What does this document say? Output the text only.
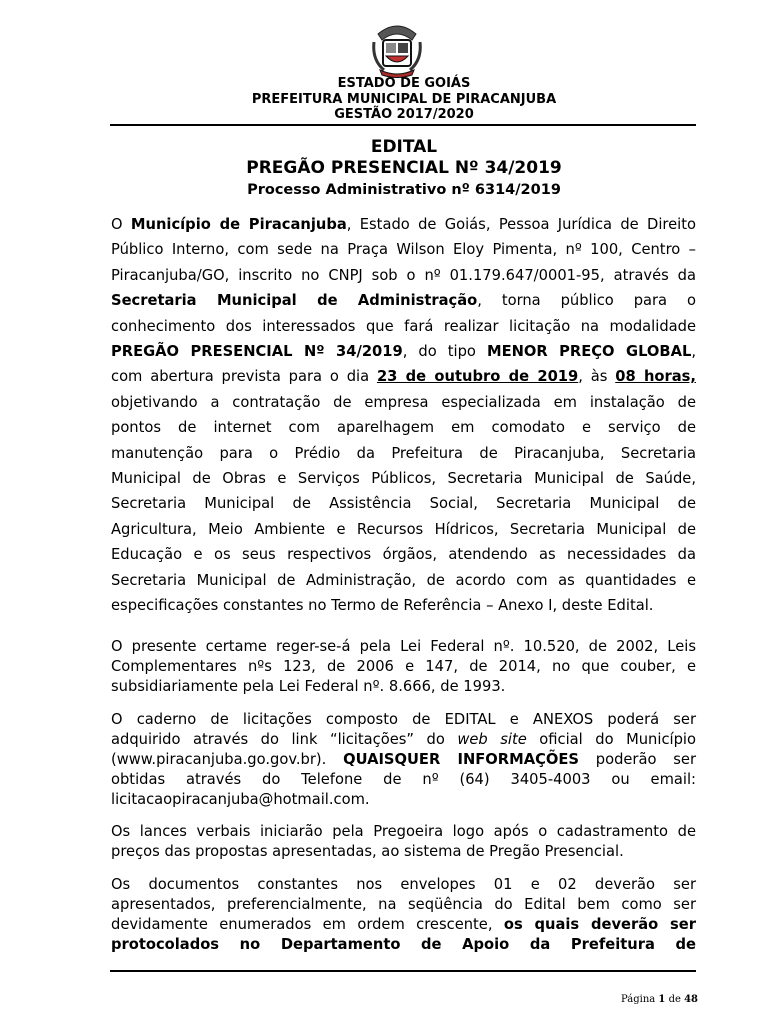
ESTADO DE GOIÁS
PREFEITURA MUNICIPAL DE PIRACANJUBA
GESTÃO 2017/2020
EDITAL
PREGÃO PRESENCIAL Nº 34/2019
Processo Administrativo nº 6314/2019
O Município de Piracanjuba, Estado de Goiás, Pessoa Jurídica de Direito
Público Interno, com sede na Praça Wilson Eloy Pimenta, nº 100, Centro –
Piracanjuba/GO, inscrito no CNPJ sob o nº 01.179.647/0001-95, através da
Secretaria Municipal de Administração, torna público para o
conhecimento dos interessados que fará realizar licitação na modalidade
PREGÃO PRESENCIAL Nº 34/2019, do tipo MENOR PREÇO GLOBAL,
com abertura prevista para o dia 23 de outubro de 2019, às 08 horas,
objetivando a contratação de empresa especializada em instalação de
pontos de internet com aparelhagem em comodato e serviço de
manutenção para o Prédio da Prefeitura de Piracanjuba, Secretaria
Municipal de Obras e Serviços Públicos, Secretaria Municipal de Saúde,
Secretaria Municipal de Assistência Social, Secretaria Municipal de
Agricultura, Meio Ambiente e Recursos Hídricos, Secretaria Municipal de
Educação e os seus respectivos órgãos, atendendo as necessidades da
Secretaria Municipal de Administração, de acordo com as quantidades e
especificações constantes no Termo de Referência – Anexo I, deste Edital.
O presente certame reger-se-á pela Lei Federal nº. 10.520, de 2002, Leis
Complementares nºs 123, de 2006 e 147, de 2014, no que couber, e
subsidiariamente pela Lei Federal nº. 8.666, de 1993.
O caderno de licitações composto de EDITAL e ANEXOS poderá ser
adquirido através do link “licitações” do web site oficial do Município
(www.piracanjuba.go.gov.br). QUAISQUER INFORMAÇÕES poderão ser
obtidas através do Telefone de nº (64) 3405-4003 ou email:
licitacaopiracanjuba@hotmail.com.
Os lances verbais iniciarão pela Pregoeira logo após o cadastramento de
preços das propostas apresentadas, ao sistema de Pregão Presencial.
Os documentos constantes nos envelopes 01 e 02 deverão ser
apresentados, preferencialmente, na seqüência do Edital bem como ser
devidamente enumerados em ordem crescente, os quais deverão ser
protocolados no Departamento de Apoio da Prefeitura de
Página 1 de 48
